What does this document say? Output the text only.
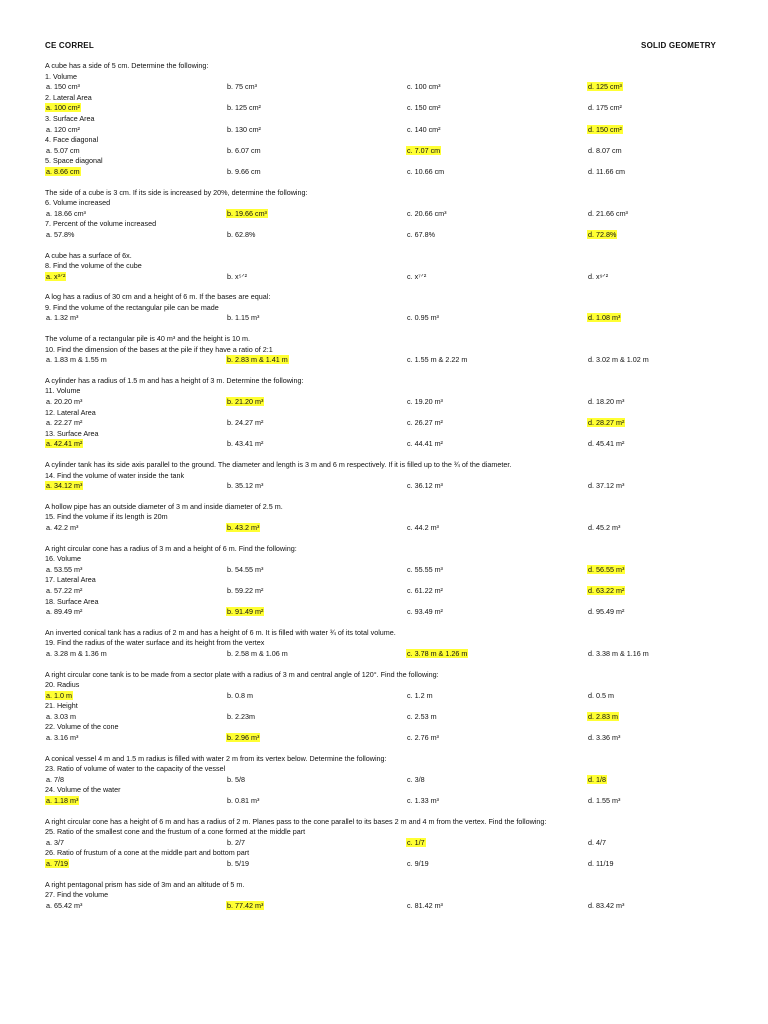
CE CORREL	SOLID GEOMETRY
A cube has a side of 5 cm. Determine the following:
1. Volume
a. 150 cm³	b. 75 cm³	c. 100 cm³	d. 125 cm³
2. Lateral Area
a. 100 cm²	b. 125 cm²	c. 150 cm²	d. 175 cm²
3. Surface Area
a. 120 cm²	b. 130 cm²	c. 140 cm²	d. 150 cm²
4. Face diagonal
a. 5.07 cm	b. 6.07 cm	c. 7.07 cm	d. 8.07 cm
5. Space diagonal
a. 8.66 cm	b. 9.66 cm	c. 10.66 cm	d. 11.66 cm
The side of a cube is 3 cm. If its side is increased by 20%, determine the following:
6. Volume increased
a. 18.66 cm³	b. 19.66 cm³	c. 20.66 cm³	d. 21.66 cm³
7. Percent of the volume increased
a. 57.8%	b. 62.8%	c. 67.8%	d. 72.8%
A cube has a surface of 6x.
8. Find the volume of the cube
a. x³ᐟ²	b. x⁵ᐟ²	c. x⁷ᐟ²	d. x⁹ᐟ²
A log has a radius of 30 cm and a height of 6 m. If the bases are equal:
9. Find the volume of the rectangular pile can be made
a. 1.32 m³	b. 1.15 m³	c. 0.95 m³	d. 1.08 m³
The volume of a rectangular pile is 40 m³ and the height is 10 m.
10. Find the dimension of the bases at the pile if they have a ratio of 2:1
a. 1.83 m & 1.55 m	b. 2.83 m & 1.41 m	c. 1.55 m & 2.22 m	d. 3.02 m & 1.02 m
A cylinder has a radius of 1.5 m and has a height of 3 m. Determine the following:
11. Volume
a. 20.20 m³	b. 21.20 m³	c. 19.20 m³	d. 18.20 m³
12. Lateral Area
a. 22.27 m²	b. 24.27 m²	c. 26.27 m²	d. 28.27 m²
13. Surface Area
a. 42.41 m²	b. 43.41 m²	c. 44.41 m²	d. 45.41 m²
A cylinder tank has its side axis parallel to the ground. The diameter and length is 3 m and 6 m respectively. If it is filled up to the ¾ of the diameter.
14. Find the volume of water inside the tank
a. 34.12 m³	b. 35.12 m³	c. 36.12 m³	d. 37.12 m³
A hollow pipe has an outside diameter of 3 m and inside diameter of 2.5 m.
15. Find the volume if its length is 20m
a. 42.2 m³	b. 43.2 m³	c. 44.2 m³	d. 45.2 m³
A right circular cone has a radius of 3 m and a height of 6 m. Find the following:
16. Volume
a. 53.55 m³	b. 54.55 m³	c. 55.55 m³	d. 56.55 m³
17. Lateral Area
a. 57.22 m²	b. 59.22 m²	c. 61.22 m²	d. 63.22 m²
18. Surface Area
a. 89.49 m²	b. 91.49 m²	c. 93.49 m²	d. 95.49 m²
An inverted conical tank has a radius of 2 m and has a height of 6 m. It is filled with water ¾ of its total volume.
19. Find the radius of the water surface and its height from the vertex
a. 3.28 m & 1.36 m	b. 2.58 m & 1.06 m	c. 3.78 m & 1.26 m	d. 3.38 m & 1.16 m
A right circular cone tank is to be made from a sector plate with a radius of 3 m and central angle of 120°. Find the following:
20. Radius
a. 1.0 m	b. 0.8 m	c. 1.2 m	d. 0.5 m
21. Height
a. 3.03 m	b. 2.23m	c. 2.53 m	d. 2.83 m
22. Volume of the cone
a. 3.16 m³	b. 2.96 m³	c. 2.76 m³	d. 3.36 m³
A conical vessel 4 m and 1.5 m radius is filled with water 2 m from its vertex below. Determine the following:
23. Ratio of volume of water to the capacity of the vessel
a. 7/8	b. 5/8	c. 3/8	d. 1/8
24. Volume of the water
a. 1.18 m³	b. 0.81 m³	c. 1.33 m³	d. 1.55 m³
A right circular cone has a height of 6 m and has a radius of 2 m. Planes pass to the cone parallel to its bases 2 m and 4 m from the vertex. Find the following:
25. Ratio of the smallest cone and the frustum of a cone formed at the middle part
a. 3/7	b. 2/7	c. 1/7	d. 4/7
26. Ratio of frustum of a cone at the middle part and bottom part
a. 7/19	b. 5/19	c. 9/19	d. 11/19
A right pentagonal prism has side of 3m and an altitude of 5 m.
27. Find the volume
a. 65.42 m³	b. 77.42 m³	c. 81.42 m³	d. 83.42 m³
